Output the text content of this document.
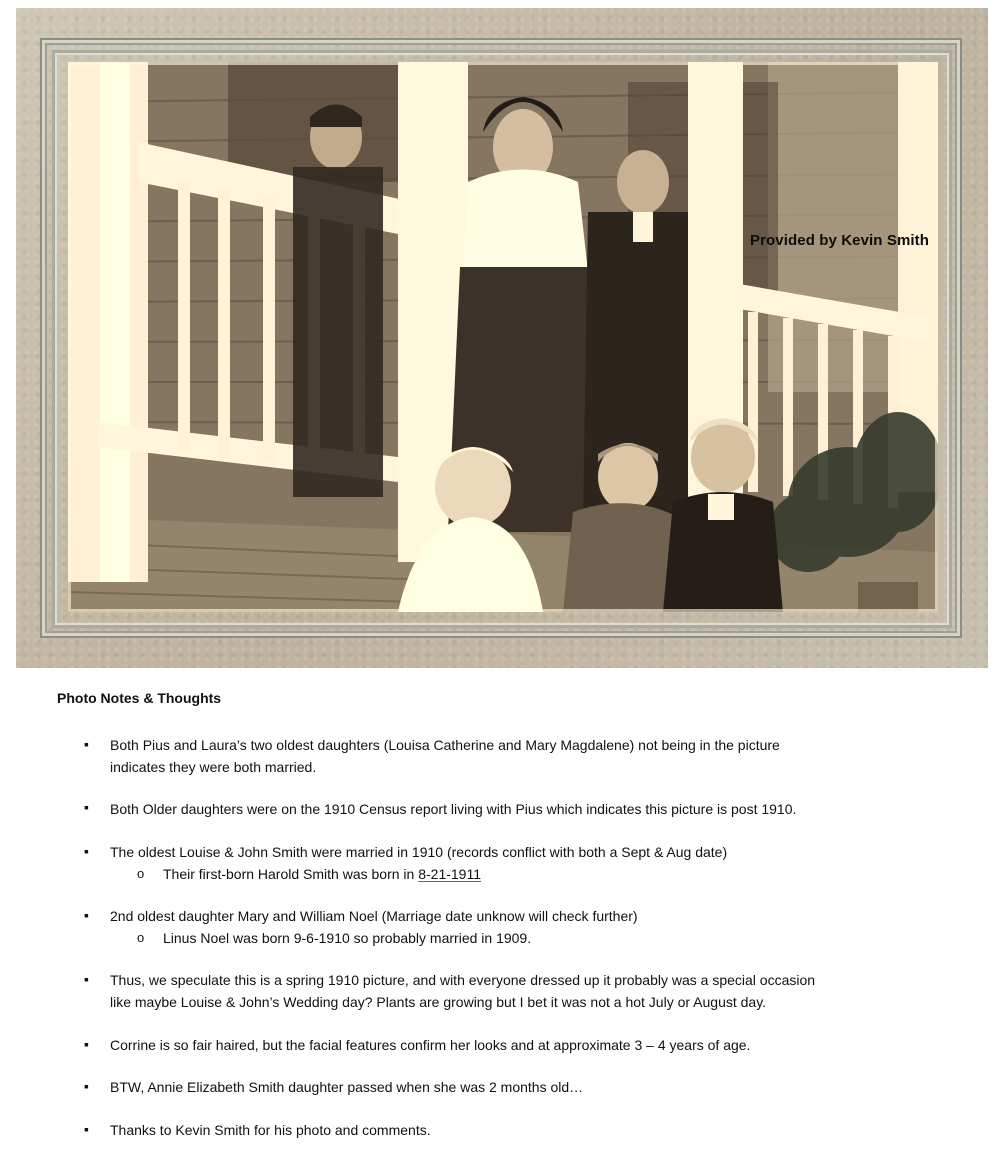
Provided by Kevin Smith
Photo Notes & Thoughts
▪
Both Pius and Laura’s two oldest daughters (Louisa Catherine and Mary Magdalene) not being in the picture
indicates they were both married.
▪
Both Older daughters were on the 1910 Census report living with Pius which indicates this picture is post 1910.
▪
The oldest Louise & John Smith were married in 1910 (records conflict with both a Sept & Aug date)
o Their first-born Harold Smith was born in 8-21-1911
▪
2nd oldest daughter Mary and William Noel (Marriage date unknow will check further)
o Linus Noel was born 9-6-1910 so probably married in 1909.
▪
Thus, we speculate this is a spring 1910 picture, and with everyone dressed up it probably was a special occasion
like maybe Louise & John’s Wedding day? Plants are growing but I bet it was not a hot July or August day.
▪
Corrine is so fair haired, but the facial features confirm her looks and at approximate 3 – 4 years of age.
▪
BTW, Annie Elizabeth Smith daughter passed when she was 2 months old…
▪
Thanks to Kevin Smith for his photo and comments.
